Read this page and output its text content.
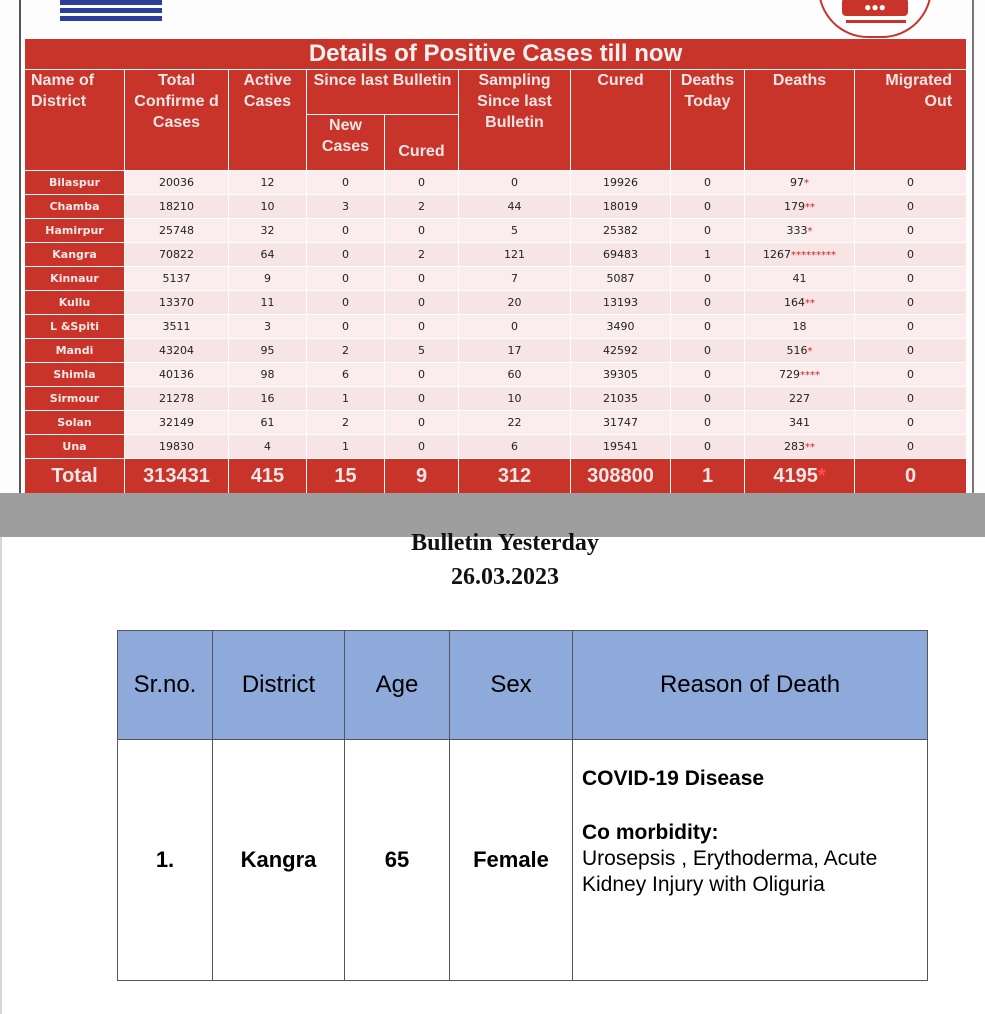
●●●
Details of Positive Cases till now									
Name of District	Total Confirme d Cases	Active Cases	Since last Bulletin		Sampling Since last Bulletin	Cured	Deaths Today	Deaths	Migrated Out
			New Cases	Cured					
Bilaspur	20036	12	0	0	0	19926	0	97*	0
Chamba	18210	10	3	2	44	18019	0	179**	0
Hamirpur	25748	32	0	0	5	25382	0	333*	0
Kangra	70822	64	0	2	121	69483	1	1267*********	0
Kinnaur	5137	9	0	0	7	5087	0	41	0
Kullu	13370	11	0	0	20	13193	0	164**	0
L &Spiti	3511	3	0	0	0	3490	0	18	0
Mandi	43204	95	2	5	17	42592	0	516*	0
Shimla	40136	98	6	0	60	39305	0	729****	0
Sirmour	21278	16	1	0	10	21035	0	227	0
Solan	32149	61	2	0	22	31747	0	341	0
Una	19830	4	1	0	6	19541	0	283**	0
Total	313431	415	15	9	312	308800	1	4195*	0
Bulletin Yesterday
26.03.2023
Sr.no.	District	Age	Sex	Reason of Death
1.	Kangra	65	Female	COVID-19 Disease
Co morbidity:
Urosepsis , Erythoderma, Acute Kidney Injury with Oliguria
